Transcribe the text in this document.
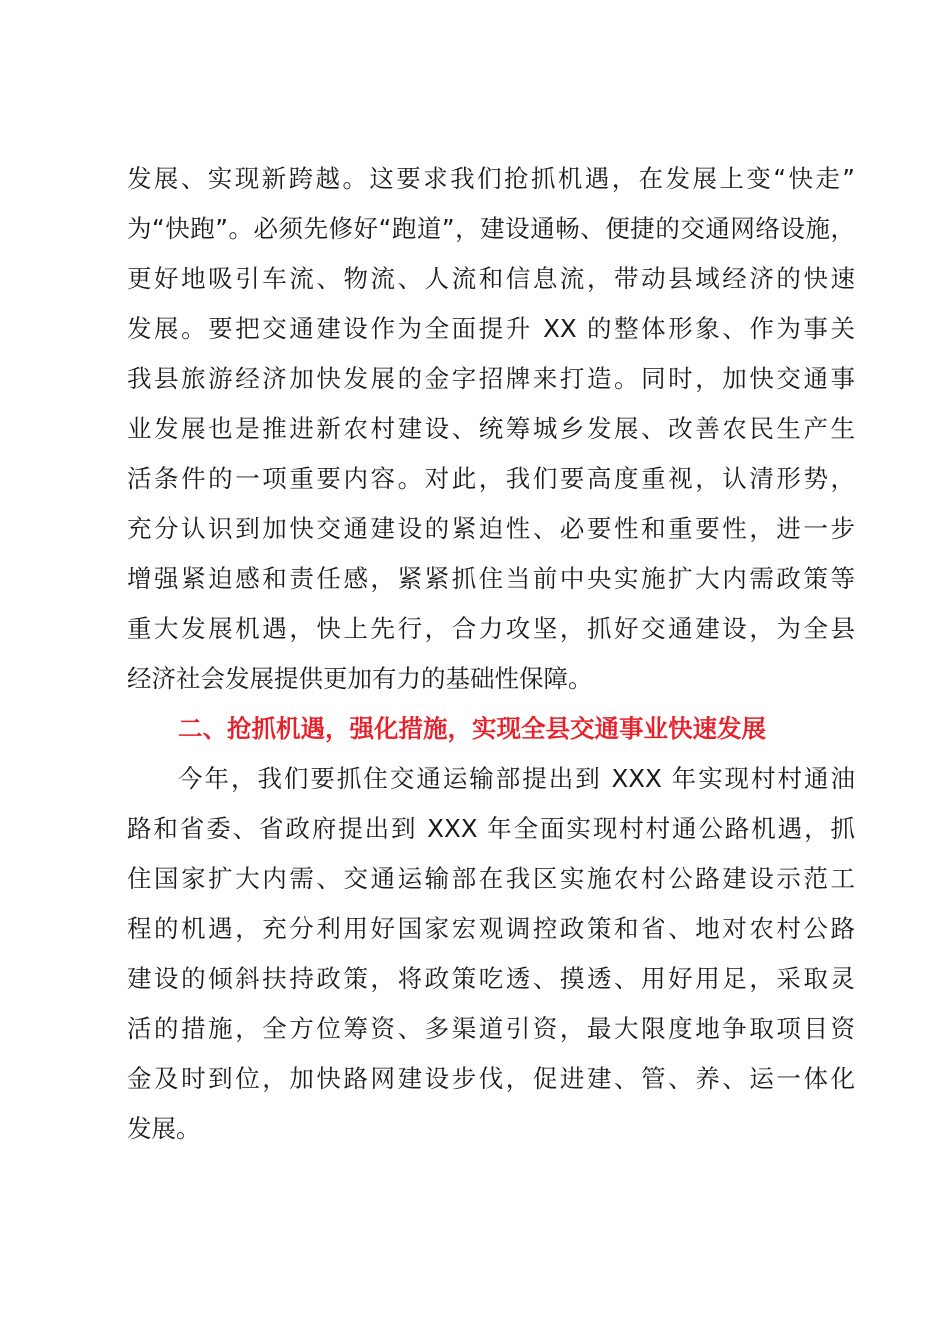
发展、实现新跨越。这要求我们抢抓机遇，在发展上变“快走”
为“快跑”。必须先修好“跑道”，建设通畅、便捷的交通网络设施，
更好地吸引车流、物流、人流和信息流，带动县域经济的快速
发展。要把交通建设作为全面提升 XX 的整体形象、作为事关
我县旅游经济加快发展的金字招牌来打造。同时，加快交通事
业发展也是推进新农村建设、统筹城乡发展、改善农民生产生
活条件的一项重要内容。对此，我们要高度重视，认清形势，
充分认识到加快交通建设的紧迫性、必要性和重要性，进一步
增强紧迫感和责任感，紧紧抓住当前中央实施扩大内需政策等
重大发展机遇，快上先行，合力攻坚，抓好交通建设，为全县
经济社会发展提供更加有力的基础性保障。
二、抢抓机遇，强化措施，实现全县交通事业快速发展
今年，我们要抓住交通运输部提出到 XXX 年实现村村通油
路和省委、省政府提出到 XXX 年全面实现村村通公路机遇，抓
住国家扩大内需、交通运输部在我区实施农村公路建设示范工
程的机遇，充分利用好国家宏观调控政策和省、地对农村公路
建设的倾斜扶持政策，将政策吃透、摸透、用好用足，采取灵
活的措施，全方位筹资、多渠道引资，最大限度地争取项目资
金及时到位，加快路网建设步伐，促进建、管、养、运一体化
发展。
